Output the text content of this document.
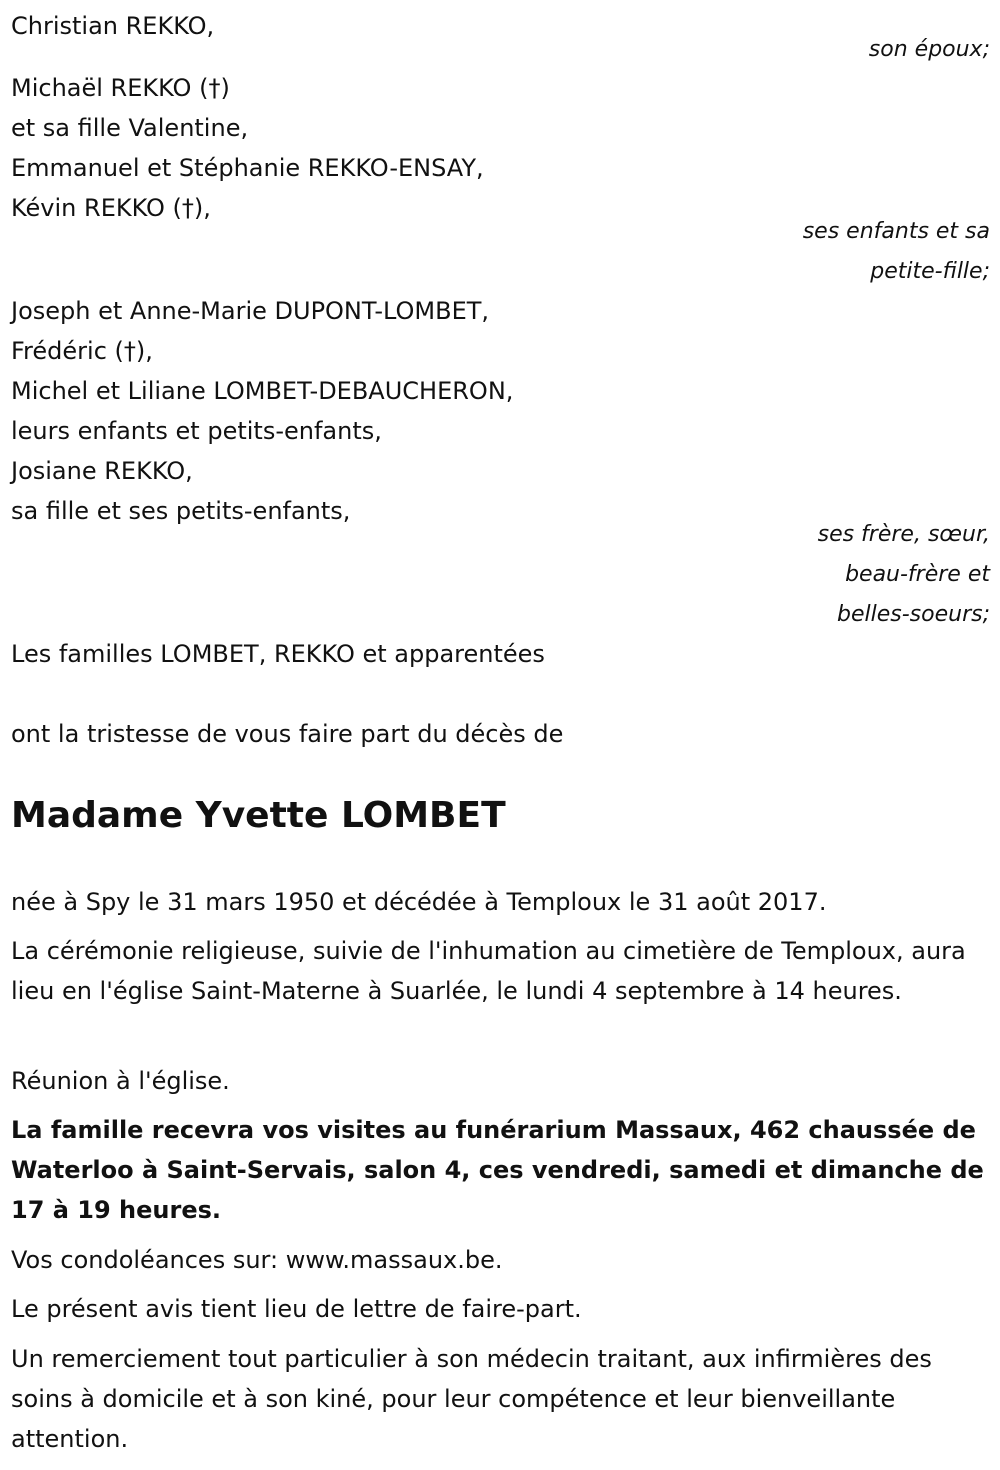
Christian REKKO,
son époux;
Michaël REKKO (†)
et sa fille Valentine,
Emmanuel et Stéphanie REKKO-ENSAY,
Kévin REKKO (†),
ses enfants et sa
petite-fille;
Joseph et Anne-Marie DUPONT-LOMBET,
Frédéric (†),
Michel et Liliane LOMBET-DEBAUCHERON,
leurs enfants et petits-enfants,
Josiane REKKO,
sa fille et ses petits-enfants,
ses frère, sœur,
beau-frère et
belles-soeurs;
Les familles LOMBET, REKKO et apparentées
ont la tristesse de vous faire part du décès de
Madame Yvette LOMBET

née à Spy le 31 mars 1950 et décédée à Temploux le 31 août 2017.

La cérémonie religieuse, suivie de l'inhumation au cimetière de Temploux, aura lieu en l'église Saint-Materne à Suarlée, le lundi 4 septembre à 14 heures.

Réunion à l'église.

La famille recevra vos visites au funérarium Massaux, 462 chaussée de Waterloo à Saint-Servais, salon 4, ces vendredi, samedi et dimanche de 17 à 19 heures.

Vos condoléances sur: www.massaux.be.

Le présent avis tient lieu de lettre de faire-part.

Un remerciement tout particulier à son médecin traitant, aux infirmières des soins à domicile et à son kiné, pour leur compétence et leur bienveillante attention.
